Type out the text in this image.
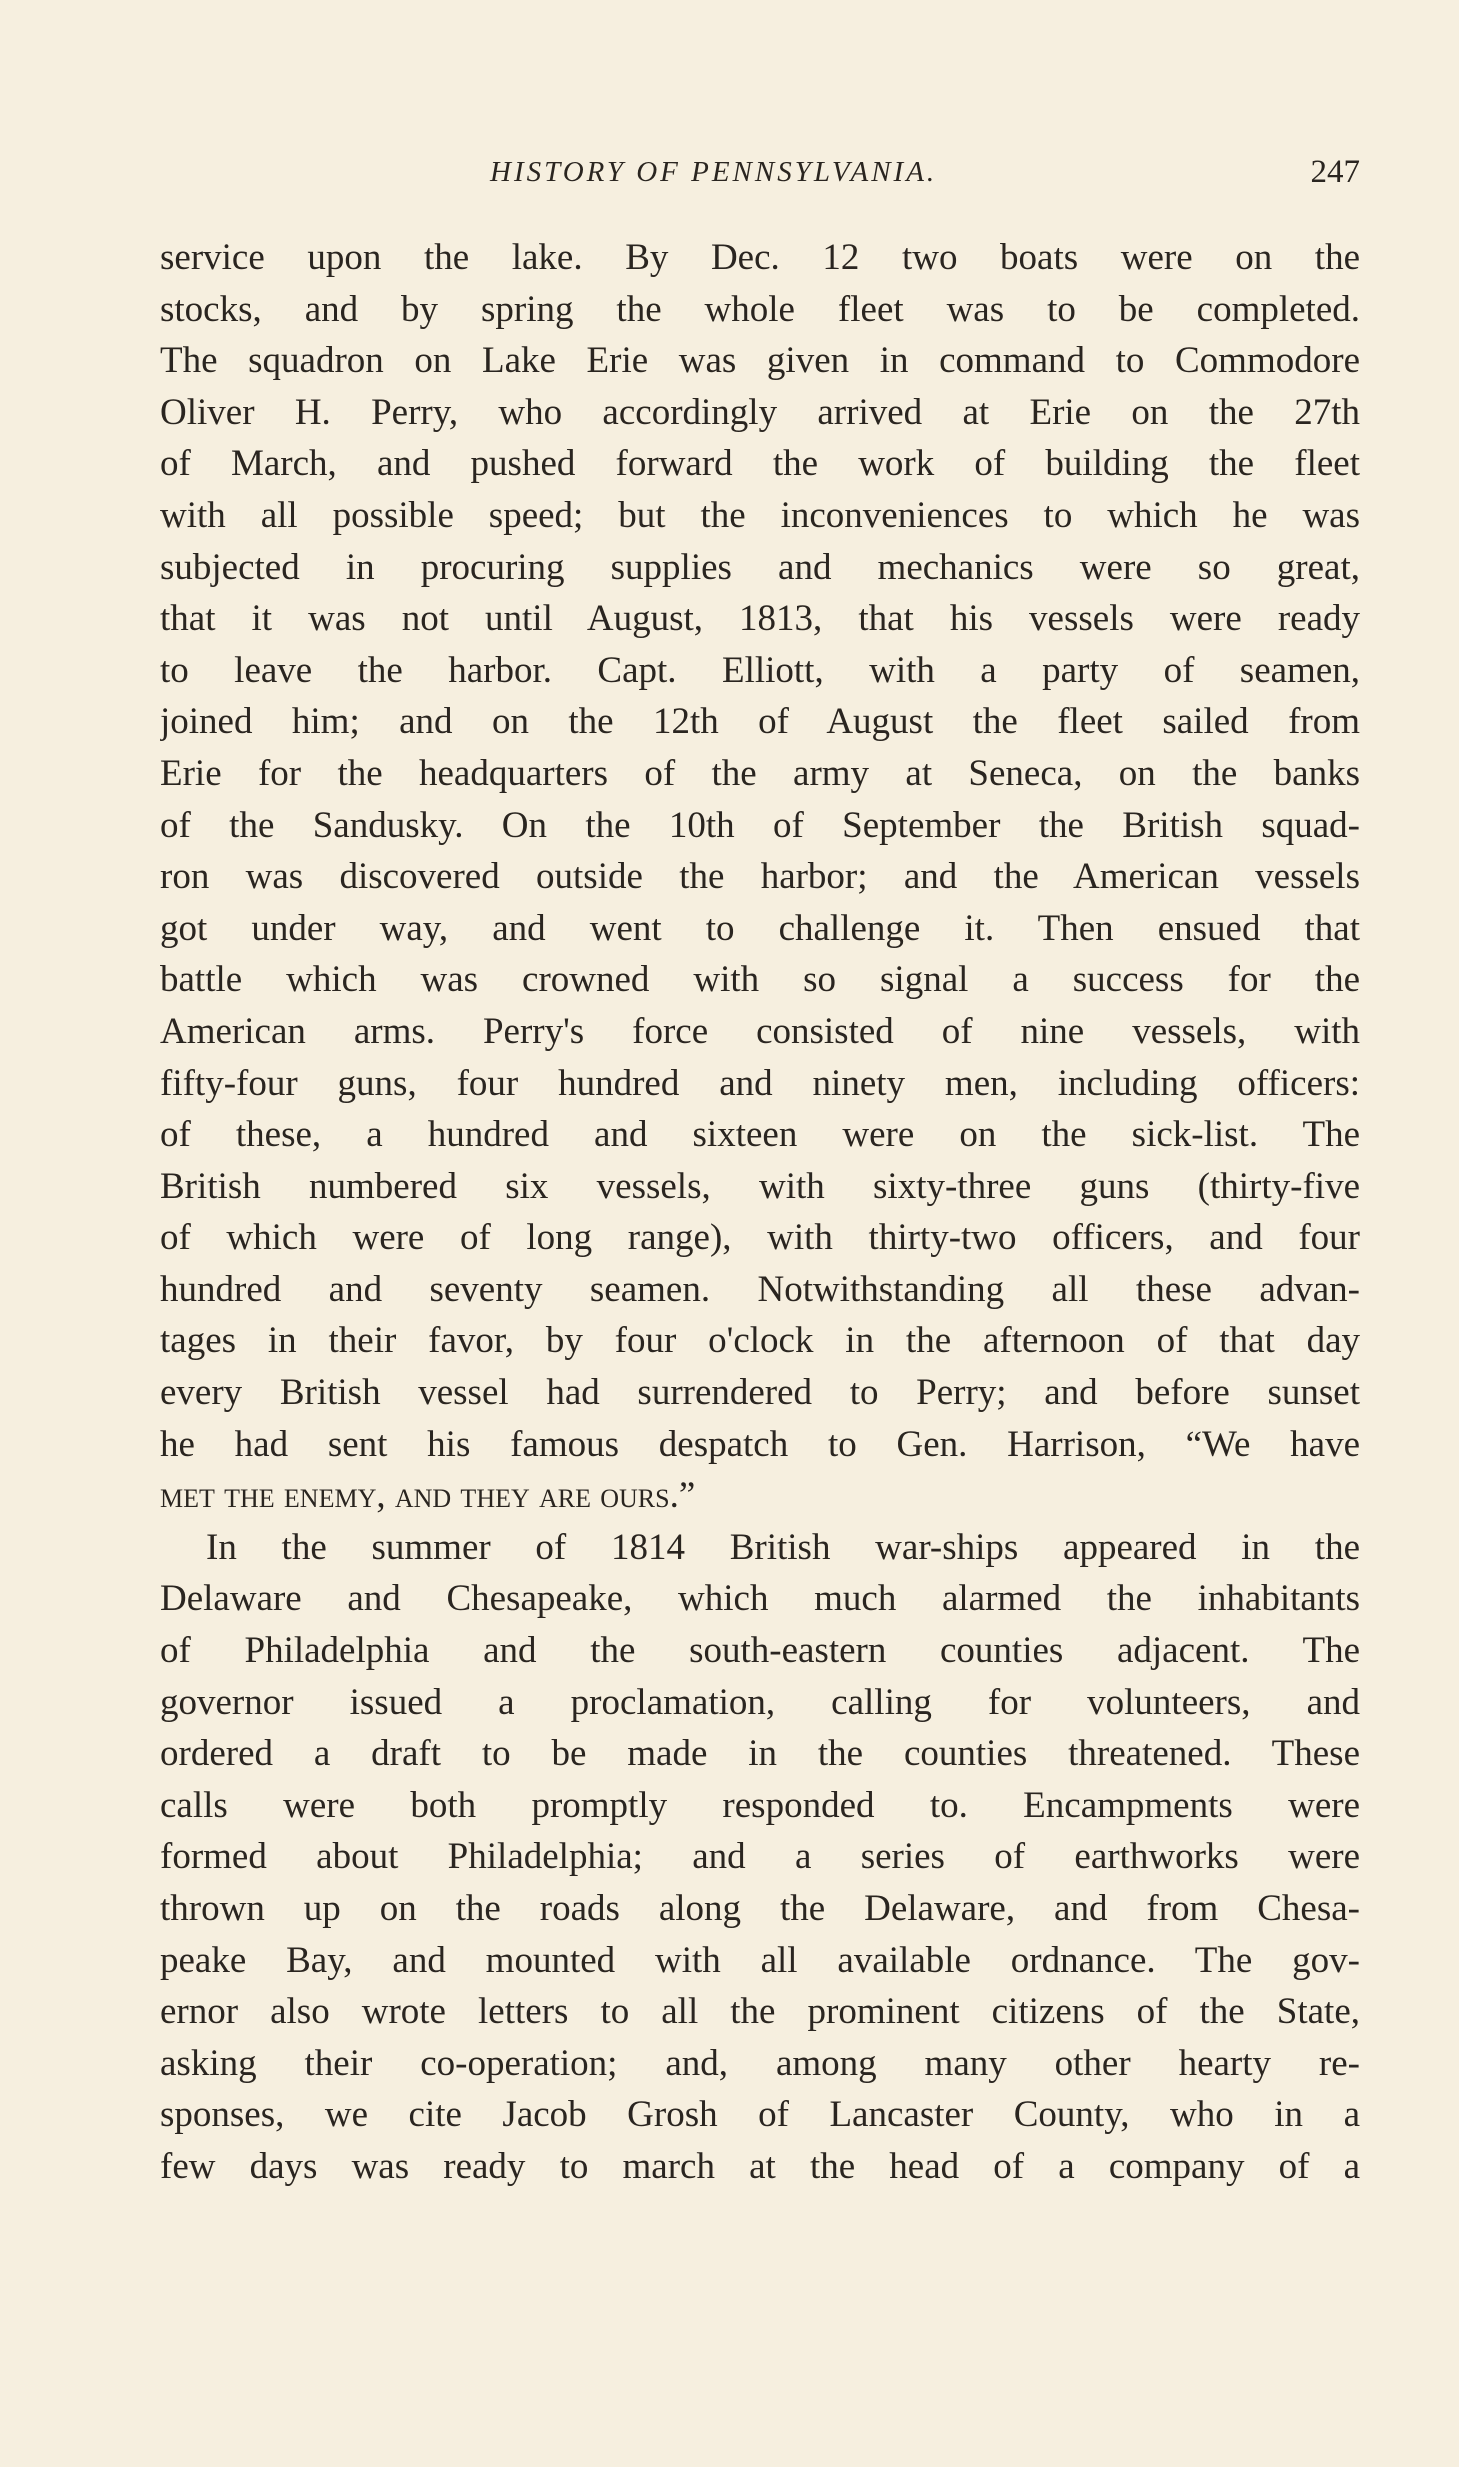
HISTORY OF PENNSYLVANIA.	247
service upon the lake. By Dec. 12 two boats were on the
stocks, and by spring the whole fleet was to be completed.
The squadron on Lake Erie was given in command to Commodore
Oliver H. Perry, who accordingly arrived at Erie on the 27th
of March, and pushed forward the work of building the fleet
with all possible speed; but the inconveniences to which he was
subjected in procuring supplies and mechanics were so great,
that it was not until August, 1813, that his vessels were ready
to leave the harbor. Capt. Elliott, with a party of seamen,
joined him; and on the 12th of August the fleet sailed from
Erie for the headquarters of the army at Seneca, on the banks
of the Sandusky. On the 10th of September the British squad-
ron was discovered outside the harbor; and the American vessels
got under way, and went to challenge it. Then ensued that
battle which was crowned with so signal a success for the
American arms. Perry's force consisted of nine vessels, with
fifty-four guns, four hundred and ninety men, including officers:
of these, a hundred and sixteen were on the sick-list. The
British numbered six vessels, with sixty-three guns (thirty-five
of which were of long range), with thirty-two officers, and four
hundred and seventy seamen. Notwithstanding all these advan-
tages in their favor, by four o'clock in the afternoon of that day
every British vessel had surrendered to Perry; and before sunset
he had sent his famous despatch to Gen. Harrison, “We have
met the enemy, and they are ours.”
In the summer of 1814 British war-ships appeared in the
Delaware and Chesapeake, which much alarmed the inhabitants
of Philadelphia and the south-eastern counties adjacent. The
governor issued a proclamation, calling for volunteers, and
ordered a draft to be made in the counties threatened. These
calls were both promptly responded to. Encampments were
formed about Philadelphia; and a series of earthworks were
thrown up on the roads along the Delaware, and from Chesa-
peake Bay, and mounted with all available ordnance. The gov-
ernor also wrote letters to all the prominent citizens of the State,
asking their co-operation; and, among many other hearty re-
sponses, we cite Jacob Grosh of Lancaster County, who in a
few days was ready to march at the head of a company of a
